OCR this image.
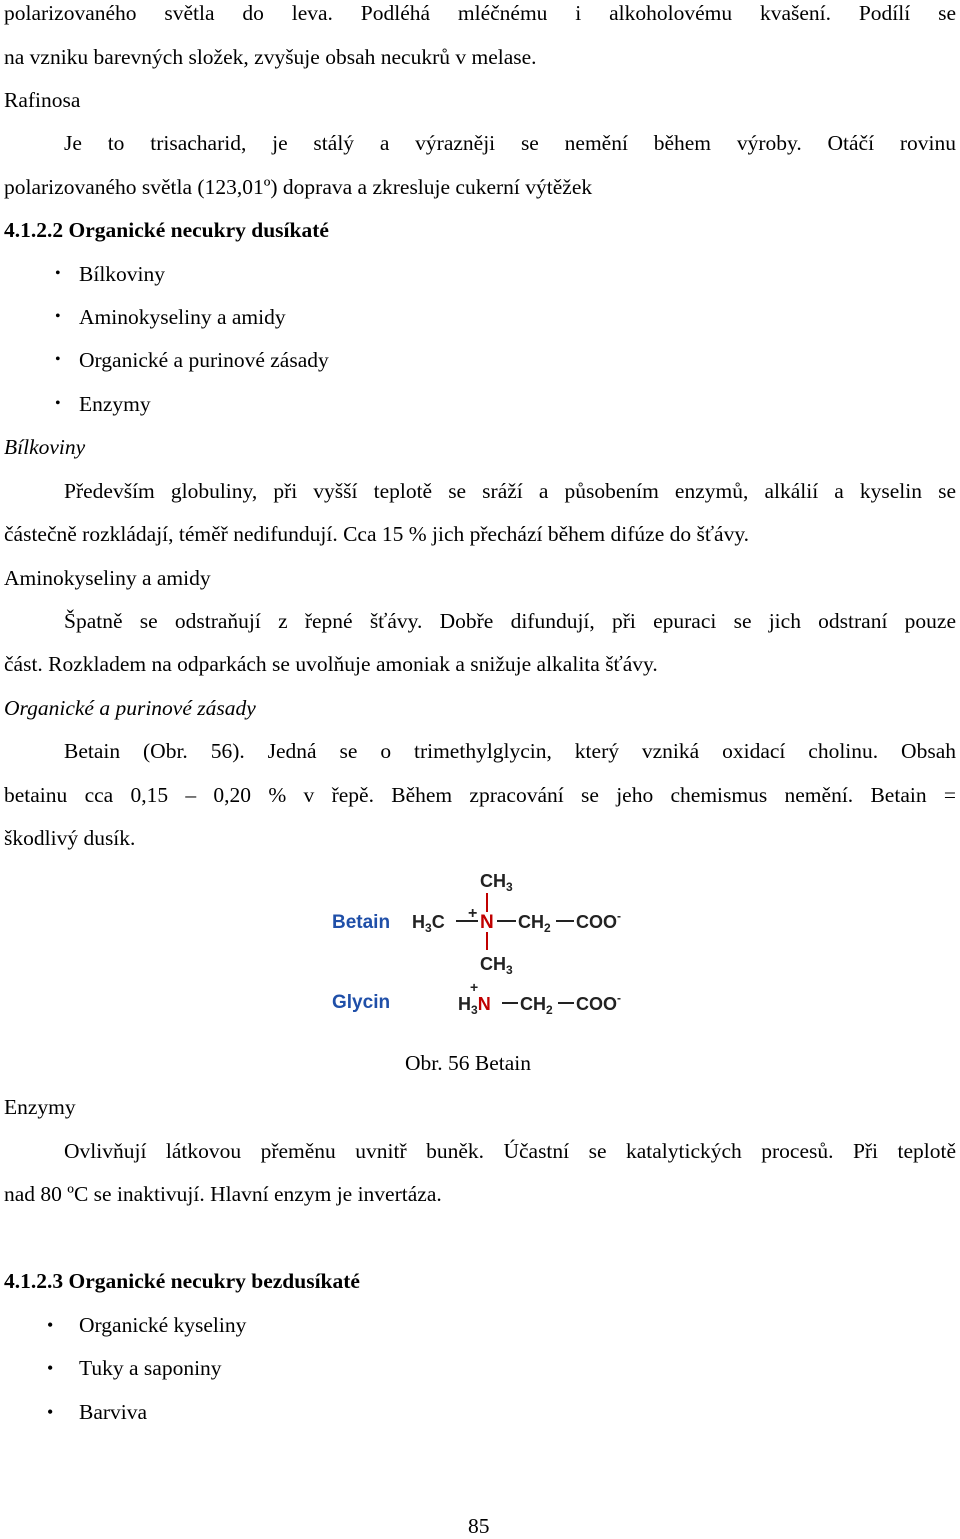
polarizovaného světla do leva. Podléhá mléčnému i alkoholovému kvašení. Podílí se
na vzniku barevných složek, zvyšuje obsah necukrů v melase.
Rafinosa
Je to trisacharid, je stálý a výrazněji se nemění během výroby. Otáčí rovinu
polarizovaného světla (123,01º) doprava a zkresluje cukerní výtěžek
4.1.2.2 Organické necukry dusíkaté
• Bílkoviny
• Aminokyseliny a amidy
• Organické a purinové zásady
• Enzymy
Bílkoviny
Především globuliny, při vyšší teplotě se sráží a působením enzymů, alkálií a kyselin se
částečně rozkládají, téměř nedifundují. Cca 15 % jich přechází během difúze do šťávy.
Aminokyseliny a amidy
Špatně se odstraňují z řepné šťávy. Dobře difundují, při epuraci se jich odstraní pouze
část. Rozkladem na odparkách se uvolňuje amoniak a snižuje alkalita šťávy.
Organické a purinové zásady
Betain (Obr. 56). Jedná se o trimethylglycin, který vzniká oxidací cholinu. Obsah
betainu cca 0,15 – 0,20 % v řepě. Během zpracování se jeho chemismus nemění. Betain =
škodlivý dusík.
Betain
Glycin
$CH_3$
+
$H_3C$ N $CH_2$ COO-
$CH_3$
$H_3N$
+
$CH_2$ COO-
Obr. 56 Betain
Enzymy
Ovlivňují látkovou přeměnu uvnitř buněk. Účastní se katalytických procesů. Při teplotě
nad 80 ºC se inaktivují. Hlavní enzym je invertáza.
4.1.2.3 Organické necukry bezdusíkaté
• Organické kyseliny
• Tuky a saponiny
• Barviva
85
